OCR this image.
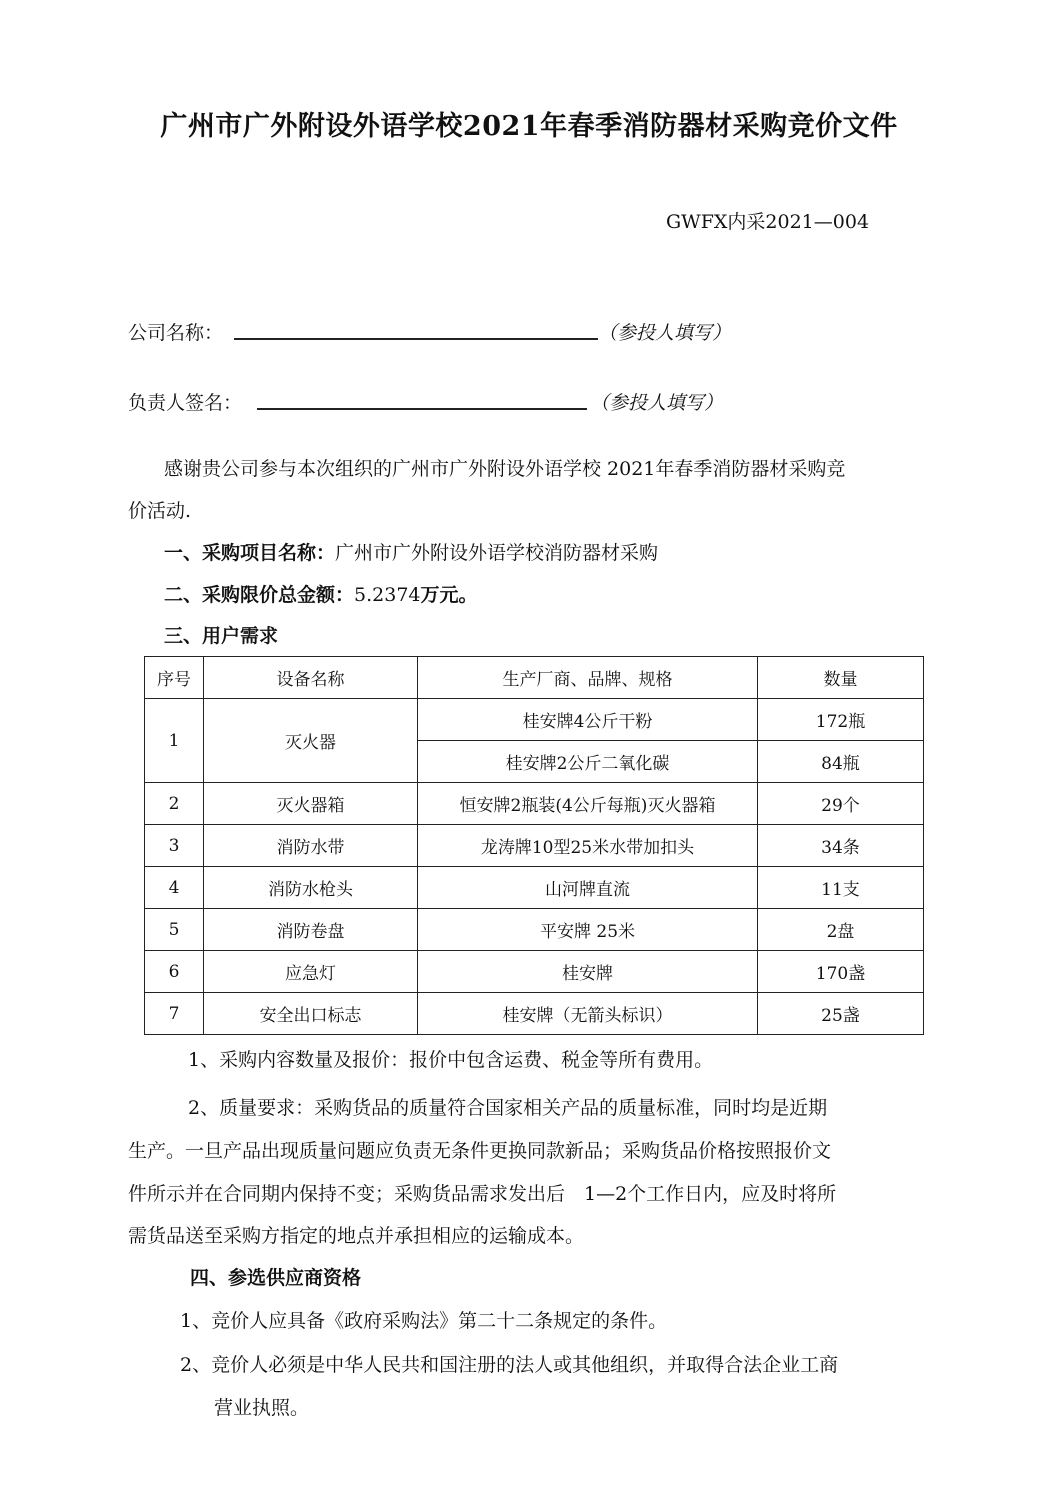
广州市广外附设外语学校2021年春季消防器材采购竞价文件
GWFX内采2021—004
公司名称：	（参投人填写）
负责人签名：	（参投人填写）
感谢贵公司参与本次组织的广州市广外附设外语学校 2021年春季消防器材采购竞
价活动.
一、采购项目名称：广州市广外附设外语学校消防器材采购
二、采购限价总金额：5.2374万元。
三、用户需求
序号	设备名称	生产厂商、品牌、规格	数量
1	灭火器	桂安牌4公斤干粉	172瓶
		桂安牌2公斤二氧化碳	84瓶
2	灭火器箱	恒安牌2瓶装(4公斤每瓶)灭火器箱	29个
3	消防水带	龙涛牌10型25米水带加扣头	34条
4	消防水枪头	山河牌直流	11支
5	消防卷盘	平安牌 25米	2盘
6	应急灯	桂安牌	170盏
7	安全出口标志	桂安牌（无箭头标识）	25盏
1、采购内容数量及报价：报价中包含运费、税金等所有费用。
2、质量要求：采购货品的质量符合国家相关产品的质量标准，同时均是近期
生产。一旦产品出现质量问题应负责无条件更换同款新品；采购货品价格按照报价文
件所示并在合同期内保持不变；采购货品需求发出后　1—2个工作日内，应及时将所
需货品送至采购方指定的地点并承担相应的运输成本。
四、参选供应商资格
1、竞价人应具备《政府采购法》第二十二条规定的条件。
2、竞价人必须是中华人民共和国注册的法人或其他组织，并取得合法企业工商
营业执照。
